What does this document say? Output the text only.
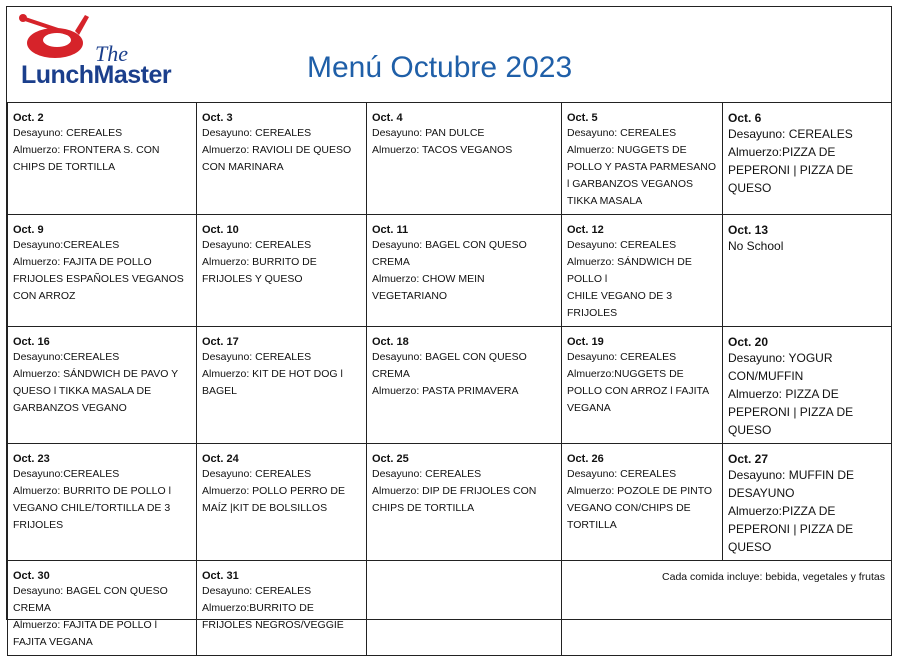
The
LunchMaster	Menú Octubre 2023
Oct. 2
Desayuno: CEREALES
Almuerzo: FRONTERA S. CON CHIPS DE TORTILLA	Oct. 3
Desayuno: CEREALES
Almuerzo: RAVIOLI DE QUESO CON MARINARA	Oct. 4
Desayuno: PAN DULCE
Almuerzo: TACOS VEGANOS	Oct. 5
Desayuno: CEREALES
Almuerzo: NUGGETS DE POLLO Y PASTA PARMESANO l GARBANZOS VEGANOS TIKKA MASALA	Oct. 6
Desayuno: CEREALES
Almuerzo:PIZZA DE PEPERONI | PIZZA DE QUESO

Oct. 9
Desayuno:CEREALES
Almuerzo: FAJITA DE POLLO FRIJOLES ESPAÑOLES VEGANOS CON ARROZ	Oct. 10
Desayuno: CEREALES
Almuerzo: BURRITO DE FRIJOLES Y QUESO	Oct. 11
Desayuno: BAGEL CON QUESO CREMA
Almuerzo: CHOW MEIN VEGETARIANO	Oct. 12
Desayuno: CEREALES
Almuerzo: SÁNDWICH DE POLLO l
CHILE VEGANO DE 3 FRIJOLES	Oct. 13
No School

Oct. 16
Desayuno:CEREALES
Almuerzo: SÁNDWICH DE PAVO Y QUESO l TIKKA MASALA DE GARBANZOS VEGANO	Oct. 17
Desayuno: CEREALES
Almuerzo: KIT DE HOT DOG l BAGEL	Oct. 18
Desayuno: BAGEL CON QUESO CREMA
Almuerzo: PASTA PRIMAVERA	Oct. 19
Desayuno: CEREALES
Almuerzo:NUGGETS DE POLLO CON ARROZ l FAJITA VEGANA	Oct. 20
Desayuno: YOGUR CON/MUFFIN
Almuerzo: PIZZA DE PEPERONI | PIZZA DE QUESO

Oct. 23
Desayuno:CEREALES
Almuerzo: BURRITO DE POLLO l VEGANO CHILE/TORTILLA DE 3 FRIJOLES	Oct. 24
Desayuno: CEREALES
Almuerzo: POLLO PERRO DE MAÍZ |KIT DE BOLSILLOS	Oct. 25
Desayuno: CEREALES
Almuerzo: DIP DE FRIJOLES CON CHIPS DE TORTILLA	Oct. 26
Desayuno: CEREALES
Almuerzo: POZOLE DE PINTO VEGANO CON/CHIPS DE TORTILLA	Oct. 27
Desayuno: MUFFIN DE DESAYUNO
Almuerzo:PIZZA DE PEPERONI | PIZZA DE QUESO

Oct. 30
Desayuno: BAGEL CON QUESO CREMA
Almuerzo: FAJITA DE POLLO l FAJITA VEGANA	Oct. 31
Desayuno: CEREALES
Almuerzo:BURRITO DE FRIJOLES NEGROS/VEGGIE		Cada comida incluye: bebida, vegetales y frutas	
